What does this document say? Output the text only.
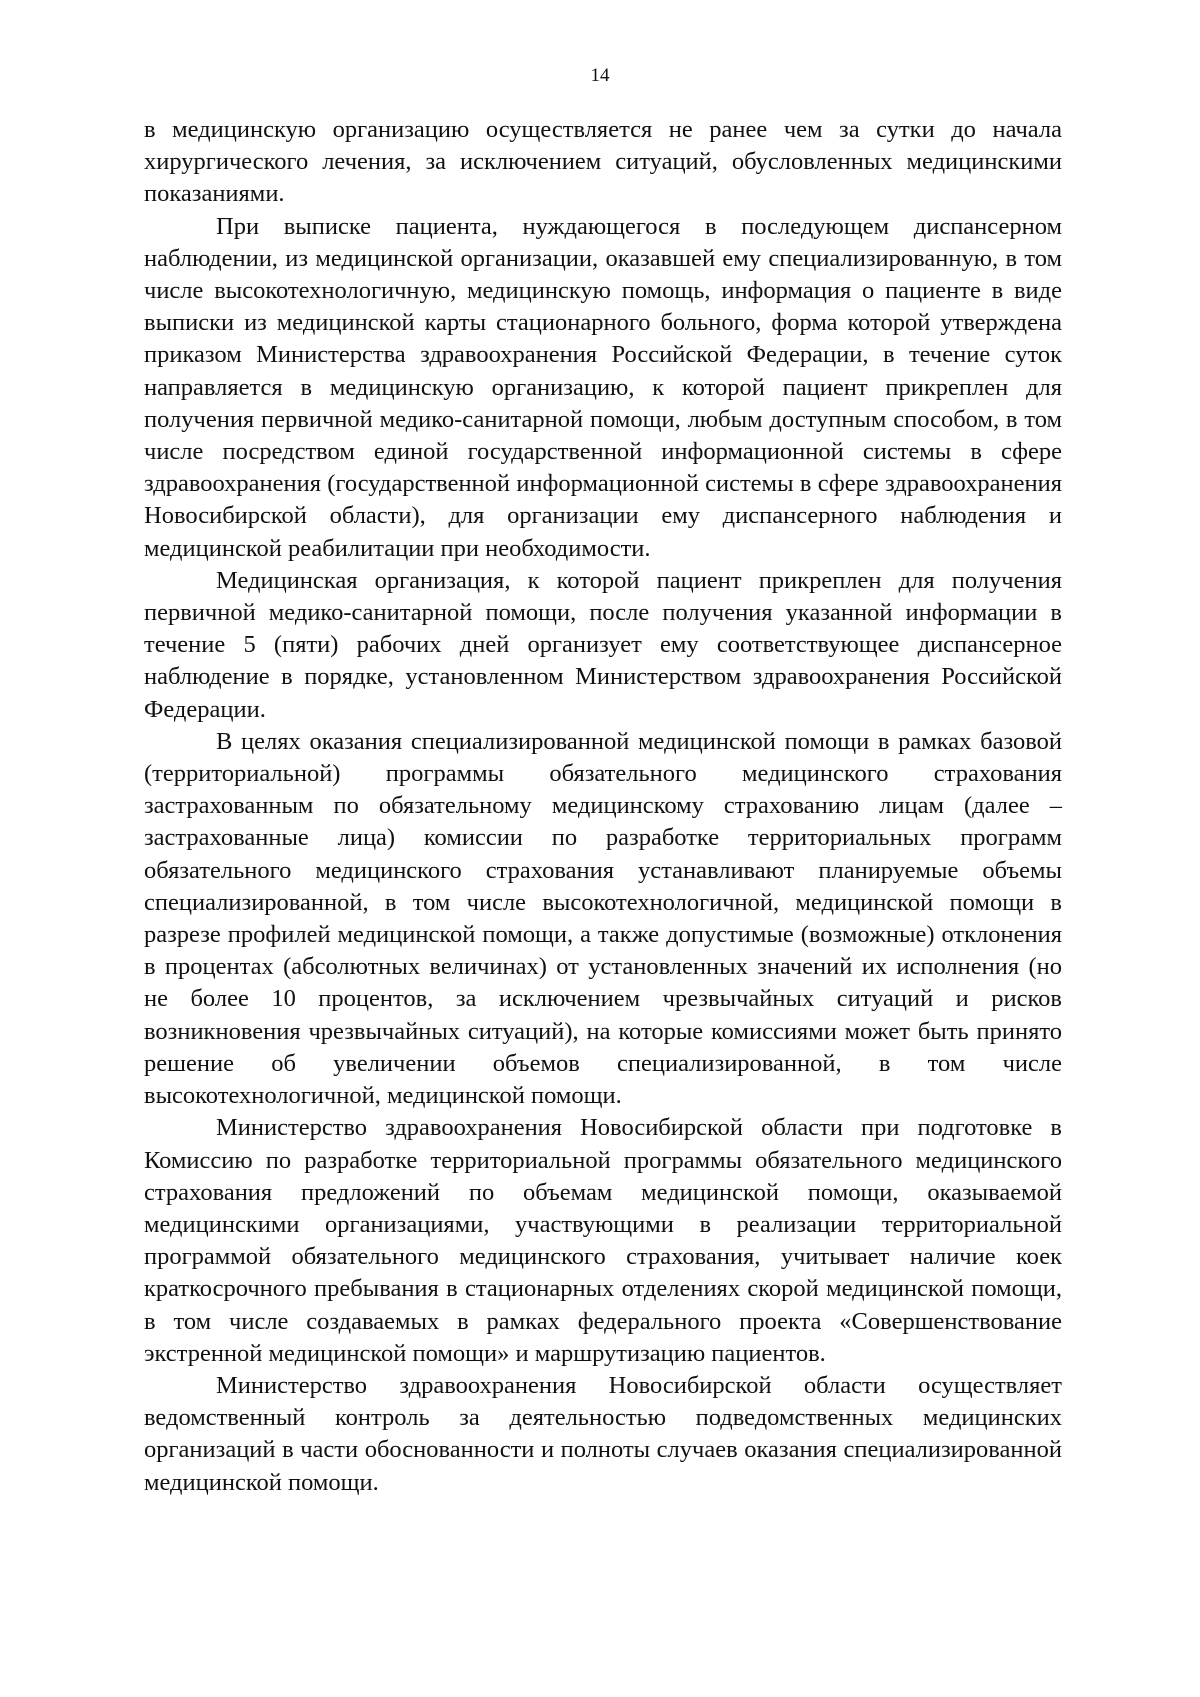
14

в медицинскую организацию осуществляется не ранее чем за сутки до начала хирургического лечения, за исключением ситуаций, обусловленных медицинскими показаниями.

При выписке пациента, нуждающегося в последующем диспансерном наблюдении, из медицинской организации, оказавшей ему специализированную, в том числе высокотехнологичную, медицинскую помощь, информация о пациенте в виде выписки из медицинской карты стационарного больного, форма которой утверждена приказом Министерства здравоохранения Российской Федерации, в течение суток направляется в медицинскую организацию, к которой пациент прикреплен для получения первичной медико-санитарной помощи, любым доступным способом, в том числе посредством единой государственной информационной системы в сфере здравоохранения (государственной информационной системы в сфере здравоохранения Новосибирской области), для организации ему диспансерного наблюдения и медицинской реабилитации при необходимости.

Медицинская организация, к которой пациент прикреплен для получения первичной медико-санитарной помощи, после получения указанной информации в течение 5 (пяти) рабочих дней организует ему соответствующее диспансерное наблюдение в порядке, установленном Министерством здравоохранения Российской Федерации.

В целях оказания специализированной медицинской помощи в рамках базовой (территориальной) программы обязательного медицинского страхования застрахованным по обязательному медицинскому страхованию лицам (далее – застрахованные лица) комиссии по разработке территориальных программ обязательного медицинского страхования устанавливают планируемые объемы специализированной, в том числе высокотехнологичной, медицинской помощи в разрезе профилей медицинской помощи, а также допустимые (возможные) отклонения в процентах (абсолютных величинах) от установленных значений их исполнения (но не более 10 процентов, за исключением чрезвычайных ситуаций и рисков возникновения чрезвычайных ситуаций), на которые комиссиями может быть принято решение об увеличении объемов специализированной, в том числе высокотехнологичной, медицинской помощи.

Министерство здравоохранения Новосибирской области при подготовке в Комиссию по разработке территориальной программы обязательного медицинского страхования предложений по объемам медицинской помощи, оказываемой медицинскими организациями, участвующими в реализации территориальной программой обязательного медицинского страхования, учитывает наличие коек краткосрочного пребывания в стационарных отделениях скорой медицинской помощи, в том числе создаваемых в рамках федерального проекта «Совершенствование экстренной медицинской помощи» и маршрутизацию пациентов.

Министерство здравоохранения Новосибирской области осуществляет ведомственный контроль за деятельностью подведомственных медицинских организаций в части обоснованности и полноты случаев оказания специализированной медицинской помощи.
